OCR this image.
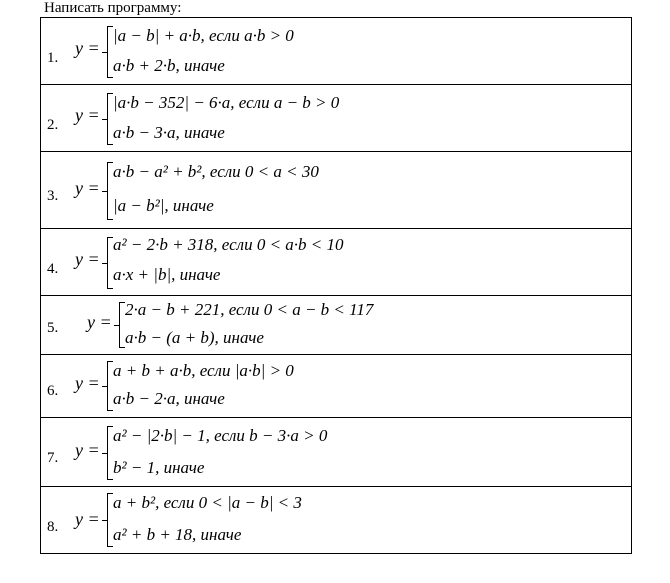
Написать программу:
1. y =
|a − b| + a·b, если a·b > 0
a·b + 2·b, иначе

2. y =
|a·b − 352| − 6·a, если a − b > 0
a·b − 3·a, иначе

3. y =
a·b − a² + b², если 0 < a < 30
|a − b²|, иначе

4. y =
a² − 2·b + 318, если 0 < a·b < 10
a·x + |b|, иначе

5. y =
2·a − b + 221, если 0 < a − b < 117
a·b − (a + b), иначе

6. y =
a + b + a·b, если |a·b| > 0
a·b − 2·a, иначе

7. y =
a² − |2·b| − 1, если b − 3·a > 0
b² − 1, иначе

8. y =
a + b², если 0 < |a − b| < 3
a² + b + 18, иначе
